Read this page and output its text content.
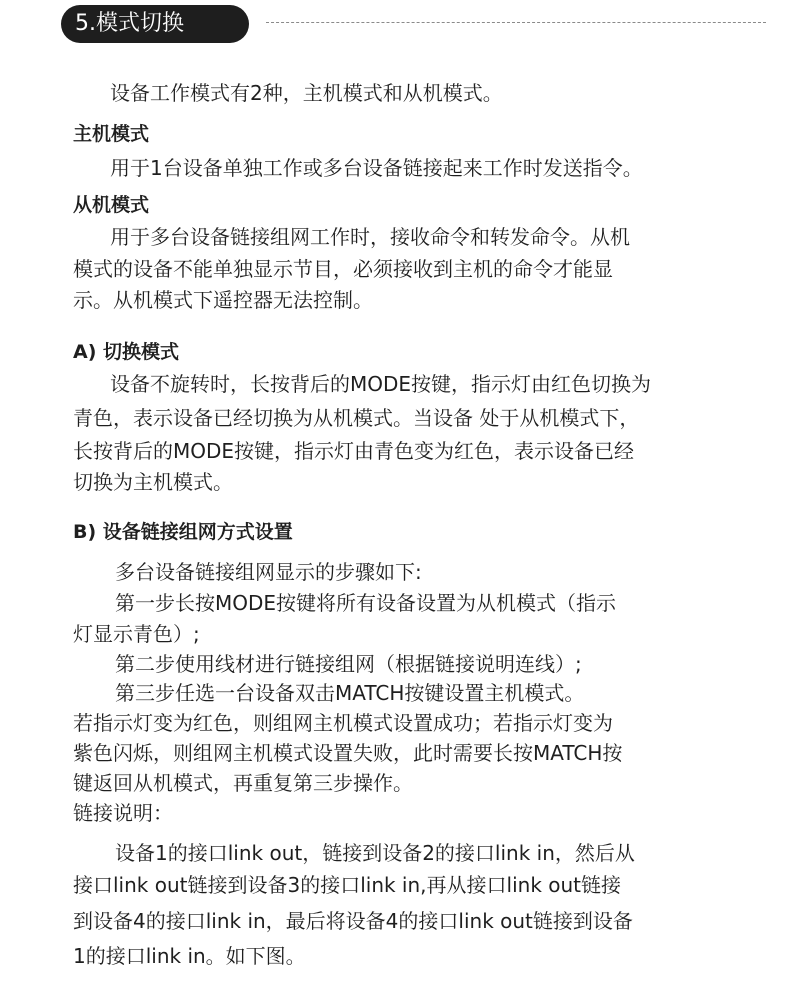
5.模式切换
设备工作模式有2种，主机模式和从机模式。
主机模式
用于1台设备单独工作或多台设备链接起来工作时发送指令。
从机模式
用于多台设备链接组网工作时，接收命令和转发命令。从机
模式的设备不能单独显示节目，必须接收到主机的命令才能显
示。从机模式下遥控器无法控制。
A) 切换模式
设备不旋转时，长按背后的MODE按键，指示灯由红色切换为
青色，表示设备已经切换为从机模式。当设备 处于从机模式下，
长按背后的MODE按键，指示灯由青色变为红色，表示设备已经
切换为主机模式。
B) 设备链接组网方式设置
多台设备链接组网显示的步骤如下:
第一步长按MODE按键将所有设备设置为从机模式（指示
灯显示青色）;
第二步使用线材进行链接组网（根据链接说明连线）;
第三步任选一台设备双击MATCH按键设置主机模式。
若指示灯变为红色，则组网主机模式设置成功；若指示灯变为
紫色闪烁，则组网主机模式设置失败，此时需要长按MATCH按
键返回从机模式，再重复第三步操作。
链接说明：
设备1的接口link out，链接到设备2的接口link in，然后从
接口link out链接到设备3的接口link in,再从接口link out链接
到设备4的接口link in，最后将设备4的接口link out链接到设备
1的接口link in。如下图。
